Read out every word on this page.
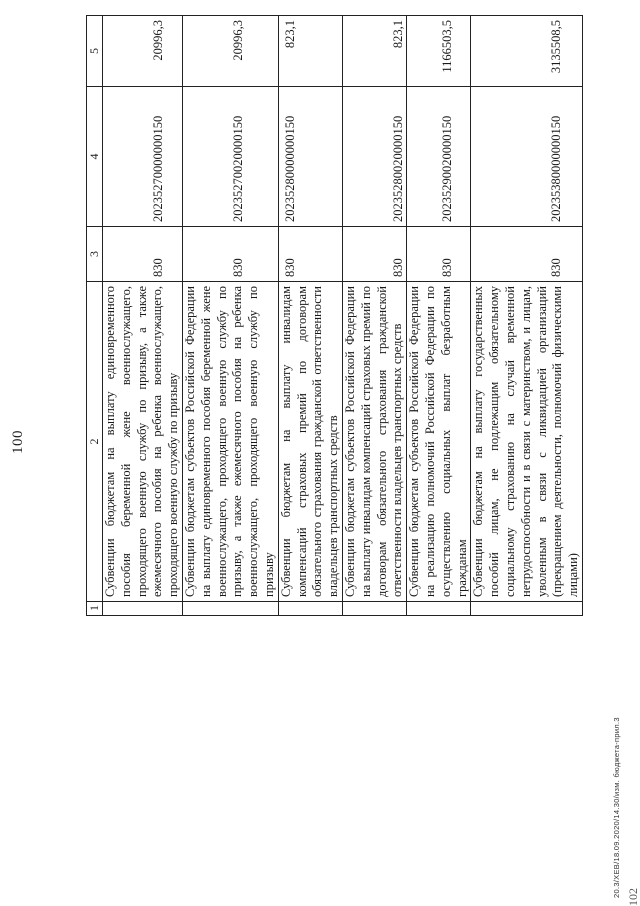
100
1	2	3	4	5
	Субвенции бюджетам на выплату единовременного пособия беременной жене военнослужащего, проходящего военную службу по призыву, а также ежемесячного пособия на ребенка военнослужащего, проходящего военную службу по призыву	830	20235270000000150	20996,3
	Субвенции бюджетам субъектов Российской Федерации на выплату единовременного пособия беременной жене военнослужащего, проходящего военную службу по призыву, а также ежемесячного пособия на ребенка военнослужащего, проходящего военную службу по призыву	830	20235270020000150	20996,3
	Субвенции бюджетам на выплату инвалидам компенсаций страховых премий по договорам обязательного страхования гражданской ответственности владельцев транспортных средств	830	20235280000000150	823,1
	Субвенции бюджетам субъектов Российской Федерации на выплату инвалидам компенсаций страховых премий по договорам обязательного страхования гражданской ответственности владельцев транспортных средств	830	20235280020000150	823,1
	Субвенции бюджетам субъектов Российской Федерации на реализацию полномочий Российской Федерации по осуществлению социальных выплат безработным гражданам	830	20235290020000150	1166503,5
	Субвенции бюджетам на выплату государственных пособий лицам, не подлежащим обязательному социальному страхованию на случай временной нетрудоспособности и в связи с материнством, и лицам, уволенным в связи с ликвидацией организаций (прекращением деятельности, полномочий физическими лицами)	830	20235380000000150	3135508,5
20.3/XEB/18.09.2020/14.30/изм. бюджета-прил.3 102
